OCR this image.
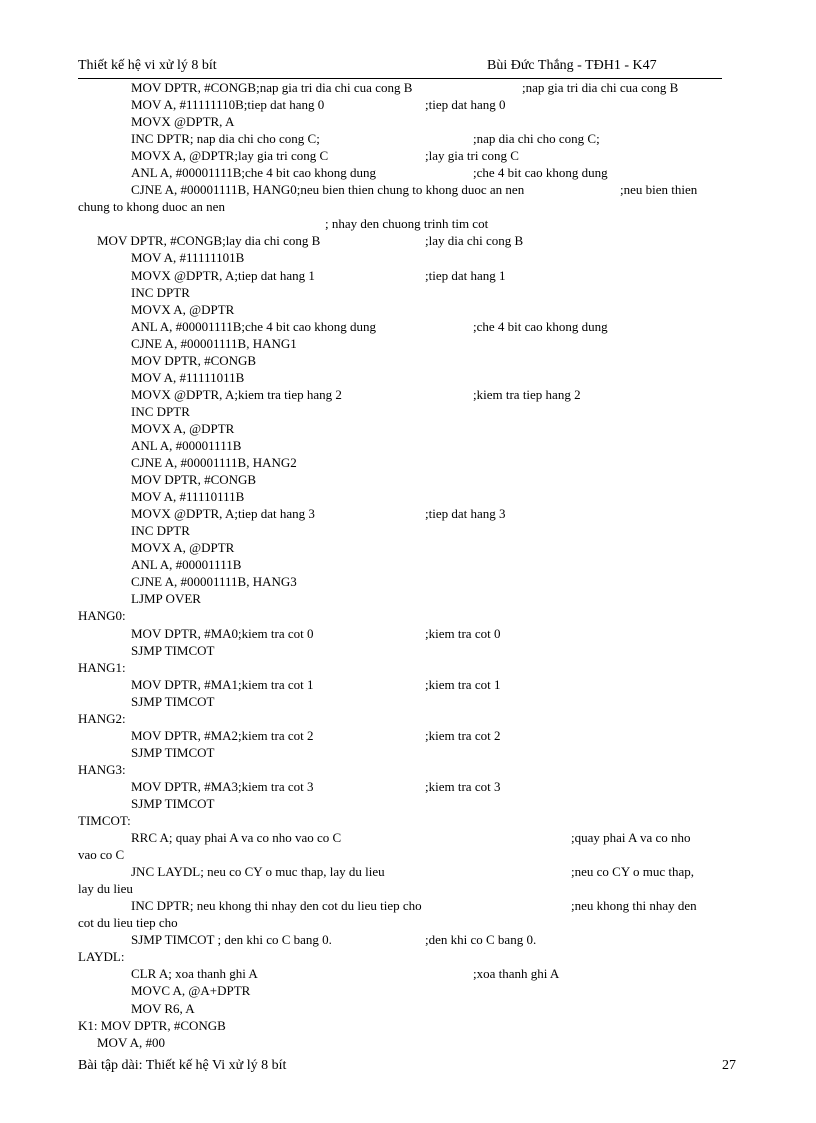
Thiết kế hệ vi xử lý 8 bít	Bùi Đức Thắng - TĐH1 - K47
MOV DPTR, #CONGB;nap gia tri dia chi cua cong B	;nap gia tri dia chi cua cong B
MOV A, #11111110B;tiep dat hang 0	;tiep dat hang 0
MOVX @DPTR, A
INC DPTR; nap dia chi cho cong C;	;nap dia chi cho cong C;
MOVX A, @DPTR;lay gia tri cong C	;lay gia tri cong C
ANL A, #00001111B;che 4 bit cao khong dung	;che 4 bit cao khong dung
CJNE A, #00001111B, HANG0;neu bien thien chung to khong duoc an nen	;neu bien thien
chung to khong duoc an nen
; nhay den chuong trinh tim cot
MOV DPTR, #CONGB;lay dia chi cong B	;lay dia chi cong B
MOV A, #11111101B
MOVX @DPTR, A;tiep dat hang 1	;tiep dat hang 1
INC DPTR
MOVX A, @DPTR
ANL A, #00001111B;che 4 bit cao khong dung	;che 4 bit cao khong dung
CJNE A, #00001111B, HANG1
MOV DPTR, #CONGB
MOV A, #11111011B
MOVX @DPTR, A;kiem tra tiep hang 2	;kiem tra tiep hang 2
INC DPTR
MOVX A, @DPTR
ANL A, #00001111B
CJNE A, #00001111B, HANG2
MOV DPTR, #CONGB
MOV A, #11110111B
MOVX @DPTR, A;tiep dat hang 3	;tiep dat hang 3
INC DPTR
MOVX A, @DPTR
ANL A, #00001111B
CJNE A, #00001111B, HANG3
LJMP OVER
HANG0:
MOV DPTR, #MA0;kiem tra cot 0	;kiem tra cot 0
SJMP TIMCOT
HANG1:
MOV DPTR, #MA1;kiem tra cot 1	;kiem tra cot 1
SJMP TIMCOT
HANG2:
MOV DPTR, #MA2;kiem tra cot 2	;kiem tra cot 2
SJMP TIMCOT
HANG3:
MOV DPTR, #MA3;kiem tra cot 3	;kiem tra cot 3
SJMP TIMCOT
TIMCOT:
RRC A; quay phai A va co nho vao co C	;quay phai A va co nho
vao co C
JNC LAYDL; neu co CY o muc thap, lay du lieu	;neu co CY o muc thap,
lay du lieu
INC DPTR; neu khong thi nhay den cot du lieu tiep cho	;neu khong thi nhay den
cot du lieu tiep cho
SJMP TIMCOT ; den khi co C bang 0.	;den khi co C bang 0.
LAYDL:
CLR A; xoa thanh ghi A	;xoa thanh ghi A
MOVC A, @A+DPTR
MOV R6, A
K1: MOV DPTR, #CONGB
MOV A, #00
Bài tập dài: Thiết kế hệ Vi xử lý 8 bít	27
